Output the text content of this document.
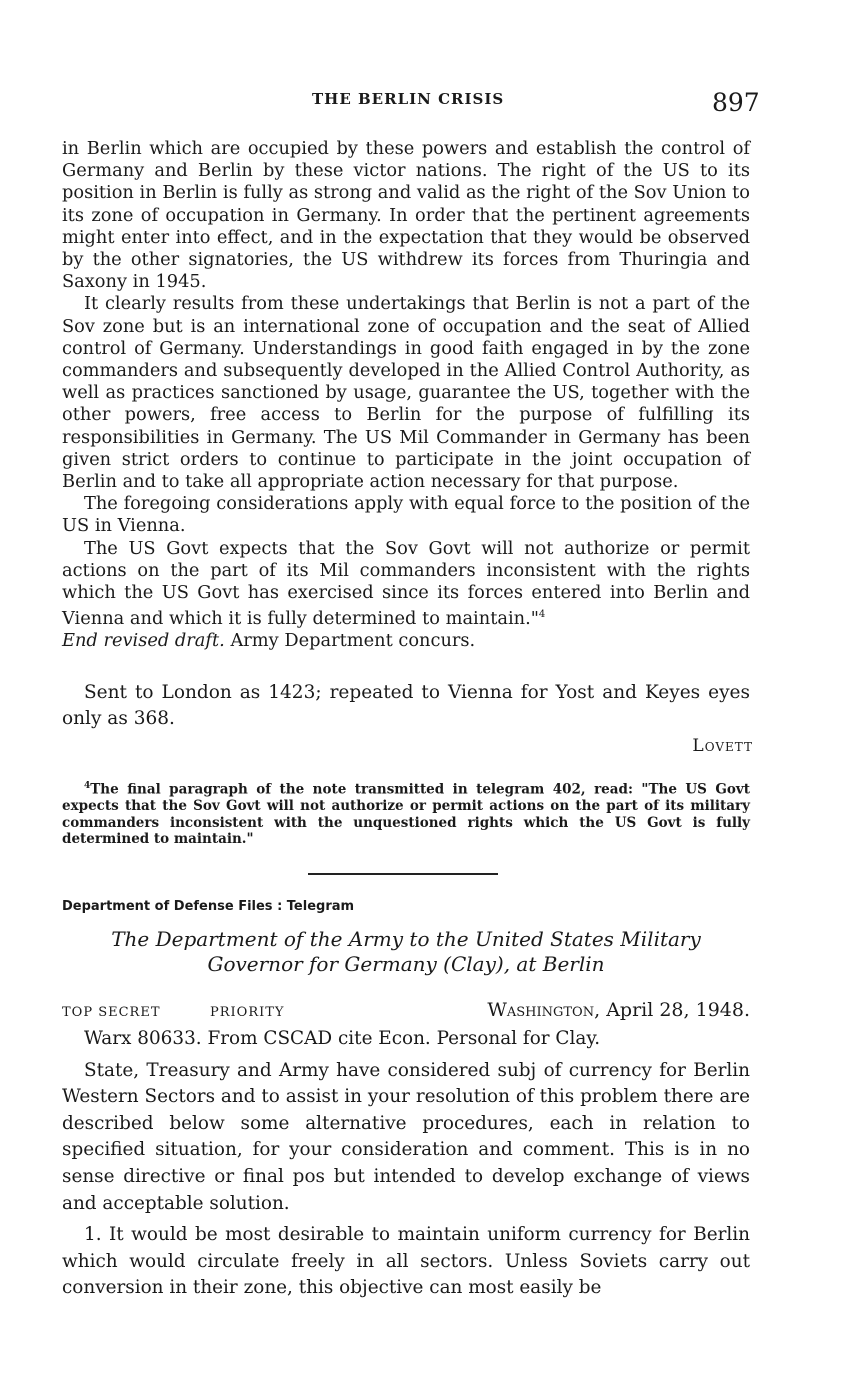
THE BERLIN CRISIS	897

in Berlin which are occupied by these powers and establish the control of Germany and Berlin by these victor nations. The right of the US to its position in Berlin is fully as strong and valid as the right of the Sov Union to its zone of occupation in Germany. In order that the pertinent agreements might enter into effect, and in the expectation that they would be observed by the other signatories, the US withdrew its forces from Thuringia and Saxony in 1945.

It clearly results from these undertakings that Berlin is not a part of the Sov zone but is an international zone of occupation and the seat of Allied control of Germany. Understandings in good faith engaged in by the zone commanders and subsequently developed in the Allied Control Authority, as well as practices sanctioned by usage, guarantee the US, together with the other powers, free access to Berlin for the purpose of fulfilling its responsibilities in Germany. The US Mil Commander in Germany has been given strict orders to continue to participate in the joint occupation of Berlin and to take all appropriate action necessary for that purpose.

The foregoing considerations apply with equal force to the position of the US in Vienna.

The US Govt expects that the Sov Govt will not authorize or permit actions on the part of its Mil commanders inconsistent with the rights which the US Govt has exercised since its forces entered into Berlin and Vienna and which it is fully determined to maintain."$^4$
End revised draft. Army Department concurs.

Sent to London as 1423; repeated to Vienna for Yost and Keyes eyes only as 368.

Lovett

$^4$The final paragraph of the note transmitted in telegram 402, read: "The US Govt expects that the Sov Govt will not authorize or permit actions on the part of its military commanders inconsistent with the unquestioned rights which the US Govt is fully determined to maintain."

Department of Defense Files : Telegram
The Department of the Army to the United States Military Governor for Germany (Clay), at Berlin
TOP SECRET	PRIORITY	Washington, April 28, 1948.

Warx 80633. From CSCAD cite Econ. Personal for Clay.

State, Treasury and Army have considered subj of currency for Berlin Western Sectors and to assist in your resolution of this problem there are described below some alternative procedures, each in relation to specified situation, for your consideration and comment. This is in no sense directive or final pos but intended to develop exchange of views and acceptable solution.

1. It would be most desirable to maintain uniform currency for Berlin which would circulate freely in all sectors. Unless Soviets carry out conversion in their zone, this objective can most easily be
